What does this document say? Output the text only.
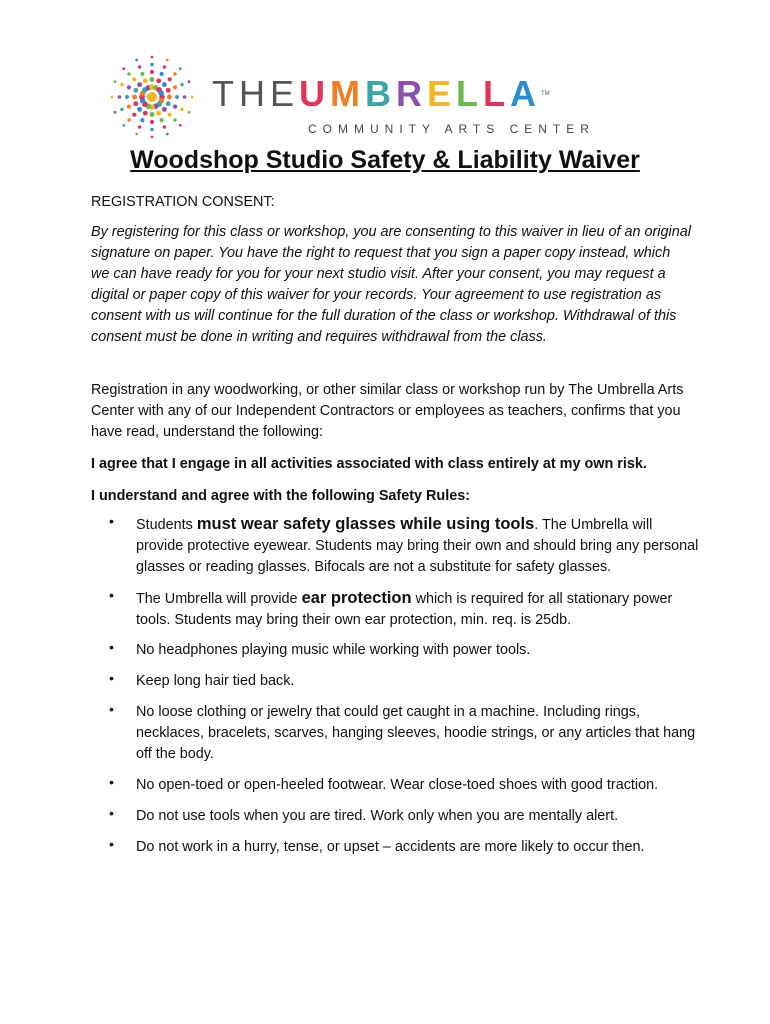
THEUMBRELLA™
COMMUNITY ARTS CENTER
Woodshop Studio Safety & Liability Waiver

REGISTRATION CONSENT:

By registering for this class or workshop, you are consenting to this waiver in lieu of an original signature on paper. You have the right to request that you sign a paper copy instead, which we can have ready for you for your next studio visit. After your consent, you may request a digital or paper copy of this waiver for your records. Your agreement to use registration as consent with us will continue for the full duration of the class or workshop. Withdrawal of this consent must be done in writing and requires withdrawal from the class.

Registration in any woodworking, or other similar class or workshop run by The Umbrella Arts Center with any of our Independent Contractors or employees as teachers, confirms that you have read, understand the following:

I agree that I engage in all activities associated with class entirely at my own risk.

I understand and agree with the following Safety Rules:

• Students must wear safety glasses while using tools. The Umbrella will provide protective eyewear. Students may bring their own and should bring any personal glasses or reading glasses. Bifocals are not a substitute for safety glasses.
• The Umbrella will provide ear protection which is required for all stationary power tools. Students may bring their own ear protection, min. req. is 25db.
• No headphones playing music while working with power tools.
• Keep long hair tied back.
• No loose clothing or jewelry that could get caught in a machine. Including rings, necklaces, bracelets, scarves, hanging sleeves, hoodie strings, or any articles that hang off the body.
• No open-toed or open-heeled footwear. Wear close-toed shoes with good traction.
• Do not use tools when you are tired. Work only when you are mentally alert.
• Do not work in a hurry, tense, or upset – accidents are more likely to occur then.
